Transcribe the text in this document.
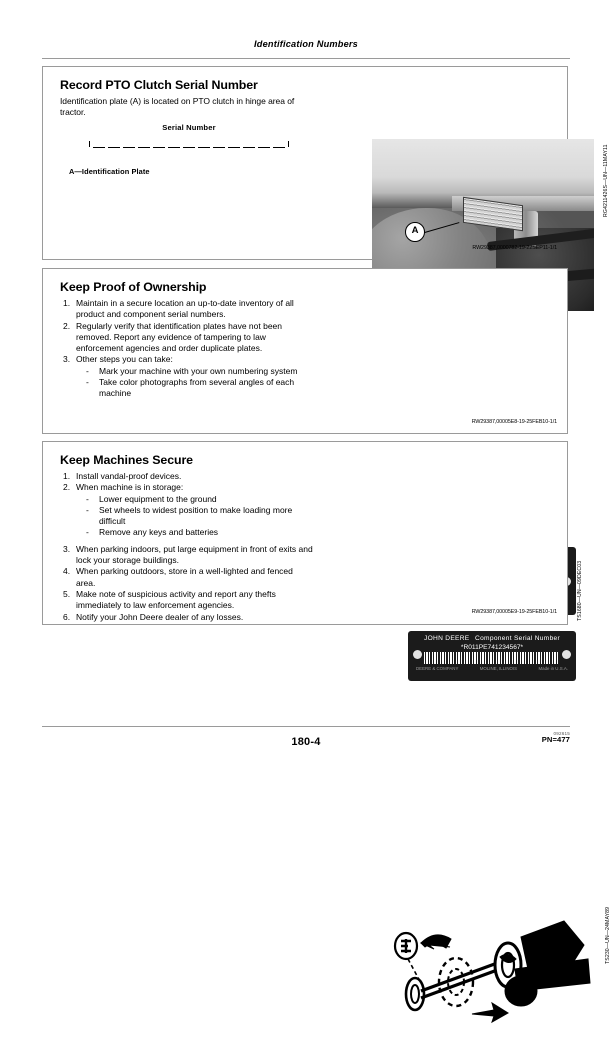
Identification Numbers
Record PTO Clutch Serial Number
Identification plate (A) is located on PTO clutch in hinge area of tractor.
Serial Number
A—Identification Plate
A
RG4211426S—UN—11MAY11
RW29387,0000782-19-22SEP11-1/1
Keep Proof of Ownership
1. Maintain in a secure location an up-to-date inventory of all product and component serial numbers.
2. Regularly verify that identification plates have not been removed. Report any evidence of tampering to law enforcement agencies and order duplicate plates.
3. Other steps you can take:
- Mark your machine with your own numbering system
- Take color photographs from several angles of each machine
JOHN DEERE Component Serial Number
*R011PE741234567*
DEERE & COMPANY	MOLINE, ILLINOIS	Made in U.S.A.
TS1680—UN—09DEC03
RW29387,00005E8-19-25FEB10-1/1
Keep Machines Secure
1. Install vandal-proof devices.
2. When machine is in storage:
- Lower equipment to the ground
- Set wheels to widest position to make loading more difficult
- Remove any keys and batteries
3. When parking indoors, put large equipment in front of exits and lock your storage buildings.
4. When parking outdoors, store in a well-lighted and fenced area.
5. Make note of suspicious activity and report any thefts immediately to law enforcement agencies.
6. Notify your John Deere dealer of any losses.
TS230—UN—24MAY89
RW29387,00005E9-19-25FEB10-1/1
180-4
092615
PN=477
